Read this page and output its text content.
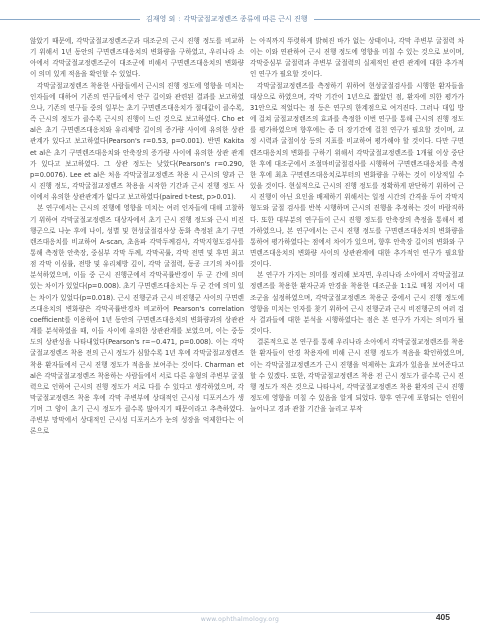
김재영 외 : 각막굴절교정렌즈 종류에 따른 근시 진행

않았기 때문에, 각막굴절교정렌즈군과 대조군의 근시 진행 정도를 비교하기 위해서 1년 동안의 구면렌즈대응치의 변화량을 구하였고, 우리나라 소아에서 각막굴절교정렌즈군이 대조군에 비해서 구면렌즈대응치의 변화량이 의미 있게 적음을 확인할 수 있었다.

각막굴절교정렌즈 착용한 사람들에서 근시의 진행 정도에 영향을 미치는 인자들에 대하여 기존의 연구들에서 안구 길이와 관련된 결과를 보고하였으나, 기존의 연구들 중의 일부는 초기 구면렌즈대응치가 절대값이 클수록, 즉 근시의 정도가 클수록 근시의 진행이 느린 것으로 보고하였다. Cho et al은 초기 구면렌즈대응치와 유리체방 길이의 증가량 사이에 유의한 상관 관계가 있다고 보고하였다(Pearson's r=0.53, p=0.001). 반면 Kakita et al은 초기 구면렌즈대응치와 안축장의 증가량 사이에 유의한 상관 관계가 있다고 보고하였다. 그 상관 정도는 낮았다(Pearson's r=0.290, p=0.0076). Lee et al은 처음 각막굴절교정렌즈 착용 시 근시의 양과 근시 진행 정도, 각막굴절교정렌즈 착용을 시작한 기간과 근시 진행 정도 사이에서 유의한 상관관계가 없다고 보고하였다(paired t-test, p>0.01).

본 연구에서는 근시의 진행에 영향을 미치는 여러 인자들에 대해 고찰하기 위하여 각막굴절교정렌즈 대상자에서 초기 근시 진행 정도와 근시 비진행군으로 나눈 후에 나이, 성별 및 현성굴절검사상 동화 측정된 초기 구면렌즈대응치를 비교하여 A-scan, 초음파 각막두께검사, 각막지형도검사를 통해 측정한 안축장, 중심부 각막 두께, 각막곡률, 각막 전면 및 후면 최고점 각막 이심률, 전방 및 유리체방 깊이, 각막 굴절력, 동공 크기의 차이를 분석하였으며, 이들 중 근시 진행군에서 각막곡률반경이 두 군 간에 의미 있는 차이가 있었다(p=0.008). 초기 구면렌즈대응치는 두 군 간에 의미 있는 차이가 있었다(p=0.018). 근시 진행군과 근시 비진행군 사이의 구면렌즈대응치의 변화량은 각막곡률반경차 비교하여 Pearson's correlation coefficient를 이용하여 1년 동안의 구면렌즈대응치의 변화량과의 상관관계를 분석하였을 때, 이들 사이에 유의한 상관관계를 보였으며, 이는 중등도의 상관성을 나타내었다(Pearson's r=−0.471, p=0.008). 이는 각막굴절교정렌즈 착용 전의 근시 정도가 심할수록 1년 후에 각막굴절교정렌즈 착용 환자들에서 근시 진행 정도가 적음을 보여주는 것이다. Charman et al은 각막굴절교정렌즈 착용하는 사람들에서 서로 다른 유형의 주변부 굴절력으로 인하여 근시의 진행 정도가 서로 다를 수 있다고 생각하였으며, 각막굴절교정렌즈 착용 후에 각막 주변부에 상대적인 근시성 디포커스가 생기며 그 양이 초기 근시 정도가 클수록 많아지기 때문이라고 추측하였다. 주변부 망막에서 상대적인 근시성 디포커스가 눈의 성장을 억제한다는 이론으로

는 아직까지 뚜렷하게 밝혀진 바가 없는 상태이나, 각막 주변부 굴절력 차이는 이와 연관하여 근시 진행 정도에 영향을 미칠 수 있는 것으로 보이며, 각막중심부 굴절력과 주변부 굴절력의 실제적인 관련 관계에 대한 추가적인 연구가 필요할 것이다.

각막굴절교정렌즈를 측정하기 위하여 현성굴절검사를 시행한 환자들을 대상으로 하였으며, 각막 기간이 1년으로 짧았던 점, 환자에 의한 평가가 31안으로 적었다는 점 등은 연구의 한계점으로 여겨진다. 그러나 대입 방에 걸쳐 굴절교정렌즈의 효과를 측정한 이번 연구를 통해 근시의 진행 정도를 평가하였으며 향후에는 좀 더 장기간에 걸친 연구가 필요할 것이며, 교정 시력과 굴절이상 등의 지표를 비교하여 평가해야 할 것이다. 다만 구면렌즈대응치의 변화를 구하기 위해서 각막굴절교정렌즈를 1개월 이상 중단한 후에 대조군에서 조절마비굴절검사를 시행하여 구면렌즈대응치를 측정한 후에 최초 구면렌즈대응치로부터의 변화량을 구하는 것이 이상적일 수 있을 것이다. 현실적으로 근시의 진행 정도를 정확하게 판단하기 위하여 근시 진행이 아닌 요인을 배제하기 위해서는 일정 시간의 간격을 두어 각막지형도와 굴절 검사를 반복 시행하며 근시의 진행을 추정하는 것이 바람직하다. 또한 대부분의 연구들이 근시 진행 정도를 안축장의 측정을 통해서 평가하였으나, 본 연구에서는 근시 진행 정도를 구면렌즈대응치의 변화량을 통하여 평가하였다는 점에서 차이가 있으며, 향후 안축장 길이의 변화와 구면렌즈대응치의 변화량 사이의 상관관계에 대한 추가적인 연구가 필요할 것이다.

본 연구가 가지는 의미를 정리해 보자면, 우리나라 소아에서 각막굴절교정렌즈를 착용한 환자군과 안경을 착용한 대조군을 1:1로 매칭 지어서 대조군을 설정하였으며, 각막굴절교정렌즈 착용군 중에서 근시 진행 정도에 영향을 미치는 인자를 찾기 위하여 근시 진행군과 근시 비진행군의 여러 검사 결과들에 대한 분석을 시행하였다는 점은 본 연구가 가지는 의미가 될 것이다.

결론적으로 본 연구를 통해 우리나라 소아에서 각막굴절교정렌즈를 착용한 환자들이 안경 착용자에 비해 근시 진행 정도가 적음을 확인하였으며, 이는 각막굴절교정렌즈가 근시 진행을 억제하는 효과가 있음을 보여준다고 할 수 있겠다. 또한, 각막굴절교정렌즈 착용 전 근시 정도가 클수록 근시 진행 정도가 적은 것으로 나타나서, 각막굴절교정렌즈 착용 환자의 근시 진행 정도에 영향을 미칠 수 있음을 알게 되었다. 향후 연구에 포함되는 인원이 늘어나고 경과 관찰 기간을 늘리고 부작

www.ophthalmology.org	405
